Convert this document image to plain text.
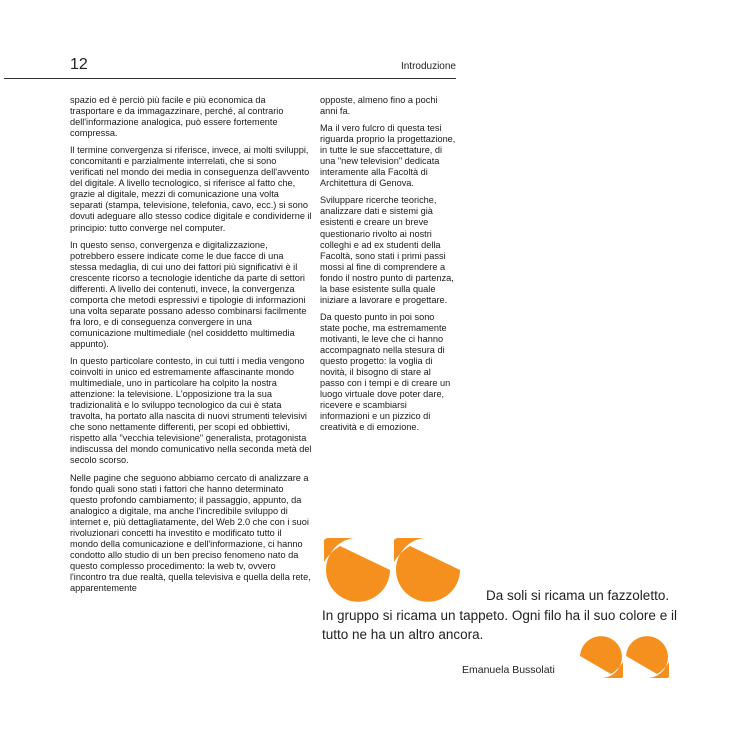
12	Introduzione

spazio ed è perciò più facile e più economica da trasportare e da immagazzinare, perché, al contrario dell'informazione analogica, può essere fortemente compressa.

Il termine convergenza si riferisce, invece, ai molti sviluppi, concomitanti e parzialmente interrelati, che si sono verificati nel mondo dei media in conseguenza dell'avvento del digitale. A livello tecnologico, si riferisce al fatto che, grazie al digitale, mezzi di comunicazione una volta separati (stampa, televisione, telefonia, cavo, ecc.) si sono dovuti adeguare allo stesso codice digitale e condividerne il principio: tutto converge nel computer.

In questo senso, convergenza e digitalizzazione, potrebbero essere indicate come le due facce di una stessa medaglia, di cui uno dei fattori più significativi è il crescente ricorso a tecnologie identiche da parte di settori differenti. A livello dei contenuti, invece, la convergenza comporta che metodi espressivi e tipologie di informazioni una volta separate possano adesso combinarsi facilmente fra loro, e di conseguenza convergere in una comunicazione multimediale (nel cosiddetto multimedia appunto).

In questo particolare contesto, in cui tutti i media vengono coinvolti in unico ed estremamente affascinante mondo multimediale, uno in particolare ha colpito la nostra attenzione: la televisione. L'opposizione tra la sua tradizionalità e lo sviluppo tecnologico da cui è stata travolta, ha portato alla nascita di nuovi strumenti televisivi che sono nettamente differenti, per scopi ed obbiettivi, rispetto alla "vecchia televisione" generalista, protagonista indiscussa del mondo comunicativo nella seconda metà del secolo scorso.

Nelle pagine che seguono abbiamo cercato di analizzare a fondo quali sono stati i fattori che hanno determinato questo profondo cambiamento; il passaggio, appunto, da analogico a digitale, ma anche l'incredibile sviluppo di internet e, più dettagliatamente, del Web 2.0 che con i suoi rivoluzionari concetti ha investito e modificato tutto il mondo della comunicazione e dell'informazione, ci hanno condotto allo studio di un ben preciso fenomeno nato da questo complesso procedimento: la web tv, ovvero l'incontro tra due realtà, quella televisiva e quella della rete, apparentemente

opposte, almeno fino a pochi anni fa.

Ma il vero fulcro di questa tesi riguarda proprio la progettazione, in tutte le sue sfaccettature, di una "new television" dedicata interamente alla Facoltà di Architettura di Genova.

Sviluppare ricerche teoriche, analizzare dati e sistemi già esistenti e creare un breve questionario rivolto ai nostri colleghi e ad ex studenti della Facoltà, sono stati i primi passi mossi al fine di comprendere a fondo il nostro punto di partenza, la base esistente sulla quale iniziare a lavorare e progettare.

Da questo punto in poi sono state poche, ma estremamente motivanti, le leve che ci hanno accompagnato nella stesura di questo progetto: la voglia di novità, il bisogno di stare al passo con i tempi e di creare un luogo virtuale dove poter dare, ricevere e scambiarsi informazioni e un pizzico di creatività e di emozione.

Da soli si ricama un fazzoletto.
In gruppo si ricama un tappeto. Ogni filo ha il suo colore e il tutto ne ha un altro ancora.
Emanuela Bussolati
